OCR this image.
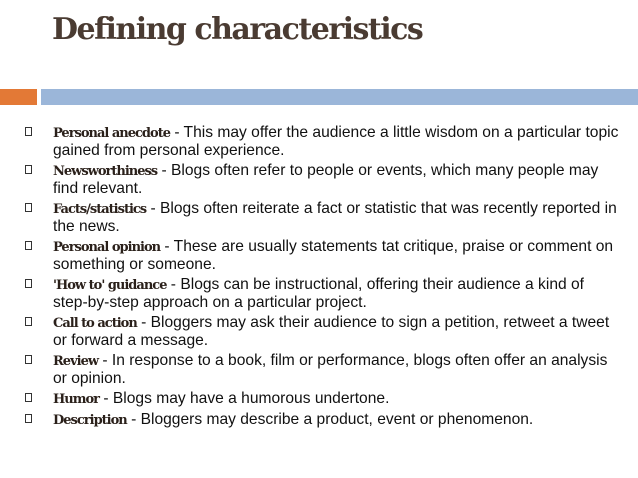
Defining characteristics
Personal anecdote - This may offer the audience a little wisdom on a particular topic gained from personal experience.
Newsworthiness - Blogs often refer to people or events, which many people may find relevant.
Facts/statistics - Blogs often reiterate a fact or statistic that was recently reported in the news.
Personal opinion - These are usually statements tat critique, praise or comment on something or someone.
'How to' guidance - Blogs can be instructional, offering their audience a kind of step-by-step approach on a particular project.
Call to action - Bloggers may ask their audience to sign a petition, retweet a tweet or forward a message.
Review - In response to a book, film or performance, blogs often offer an analysis or opinion.
Humor - Blogs may have a humorous undertone.
Description - Bloggers may describe a product, event or phenomenon.
